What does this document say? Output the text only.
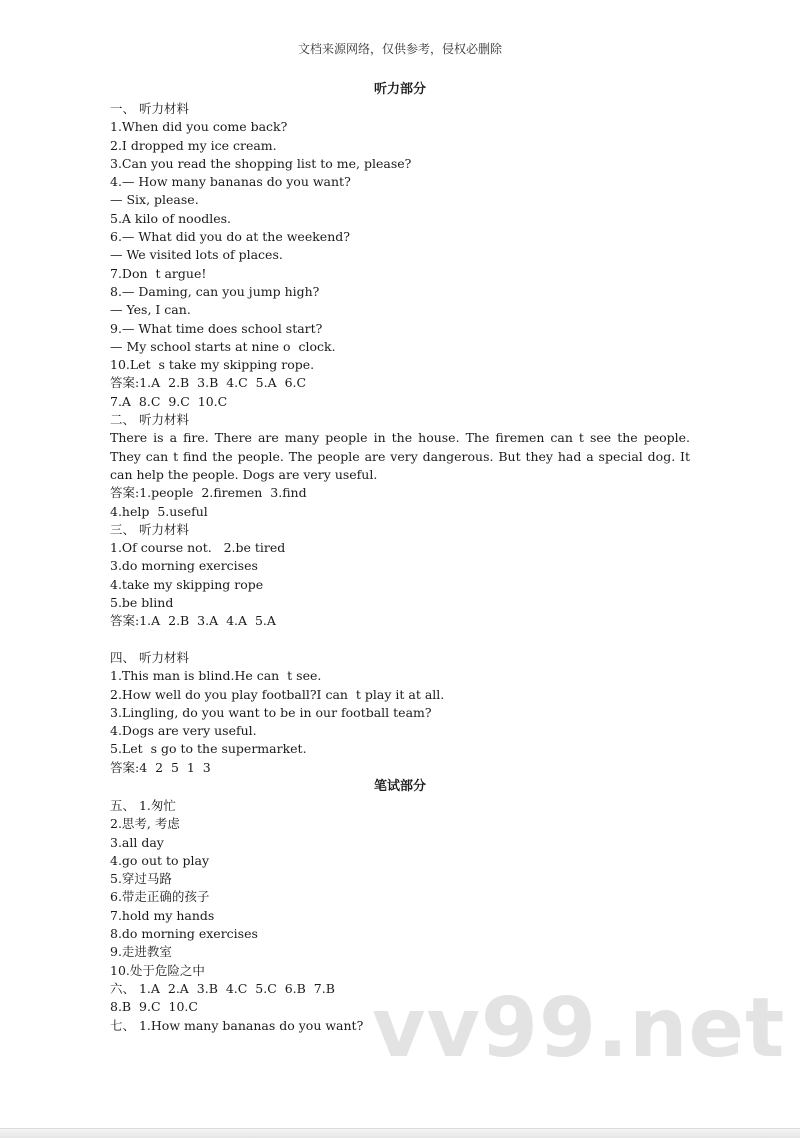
文档来源网络，仅供参考，侵权必删除
听力部分
一、 听力材料
1.When did you come back?
2.I dropped my ice cream.
3.Can you read the shopping list to me, please?
4.— How many bananas do you want?
— Six, please.
5.A kilo of noodles.
6.— What did you do at the weekend?
— We visited lots of places.
7.Don  t argue!
8.— Daming, can you jump high?
— Yes, I can.
9.— What time does school start?
— My school starts at nine o  clock.
10.Let  s take my skipping rope.
答案:1.A  2.B  3.B  4.C  5.A  6.C
7.A  8.C  9.C  10.C
二、 听力材料
There is a fire. There are many people in the house. The firemen can t see the people. They can t find the people. The people are very dangerous. But they had a special dog. It can help the people. Dogs are very useful.
答案:1.people  2.firemen  3.find
4.help  5.useful
三、 听力材料
1.Of course not.   2.be tired
3.do morning exercises
4.take my skipping rope
5.be blind
答案:1.A  2.B  3.A  4.A  5.A
四、 听力材料
1.This man is blind.He can  t see.
2.How well do you play football?I can  t play it at all.
3.Lingling, do you want to be in our football team?
4.Dogs are very useful.
5.Let  s go to the supermarket.
答案:4  2  5  1  3
笔试部分
五、 1.匆忙
2.思考, 考虑
3.all day
4.go out to play
5.穿过马路
6.带走正确的孩子
7.hold my hands
8.do morning exercises
9.走进教室
10.处于危险之中
六、 1.A  2.A  3.B  4.C  5.C  6.B  7.B
8.B  9.C  10.C
七、 1.How many bananas do you want? vv99.net
